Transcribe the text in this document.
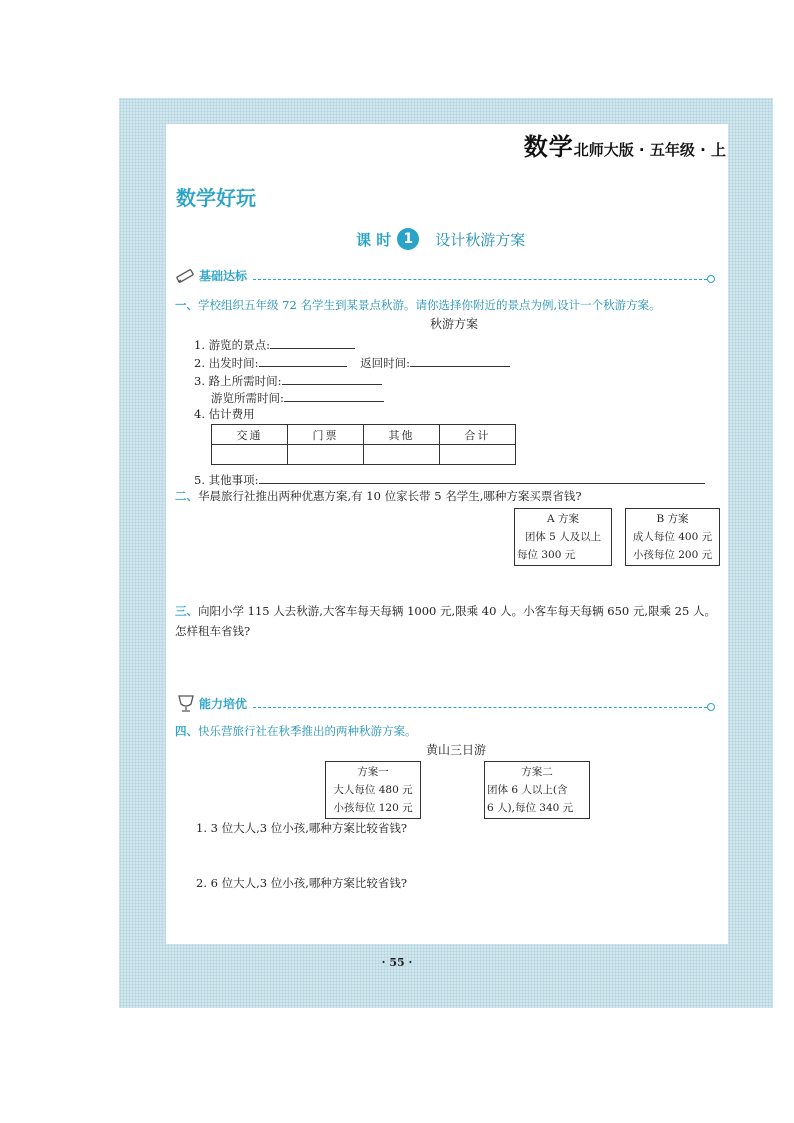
数学北师大版 · 五年级 · 上
数学好玩
课 时 1	设计秋游方案
基础达标
一、学校组织五年级 72 名学生到某景点秋游。请你选择你附近的景点为例,设计一个秋游方案。
秋游方案
1. 游览的景点:
2. 出发时间:	返回时间:
3. 路上所需时间:
游览所需时间:
4. 估计费用
交通	门票	其他	合计

5. 其他事项:
二、华晨旅行社推出两种优惠方案,有 10 位家长带 5 名学生,哪种方案买票省钱?
A 方案
团体 5 人及以上
每位 300 元
B 方案
成人每位 400 元
小孩每位 200 元
三、向阳小学 115 人去秋游,大客车每天每辆 1000 元,限乘 40 人。小客车每天每辆 650 元,限乘 25 人。怎样租车省钱?
能力培优
四、快乐营旅行社在秋季推出的两种秋游方案。
黄山三日游
方案一
大人每位 480 元
小孩每位 120 元
方案二
团体 6 人以上(含
6 人),每位 340 元
1. 3 位大人,3 位小孩,哪种方案比较省钱?
2. 6 位大人,3 位小孩,哪种方案比较省钱?
· 55 ·
